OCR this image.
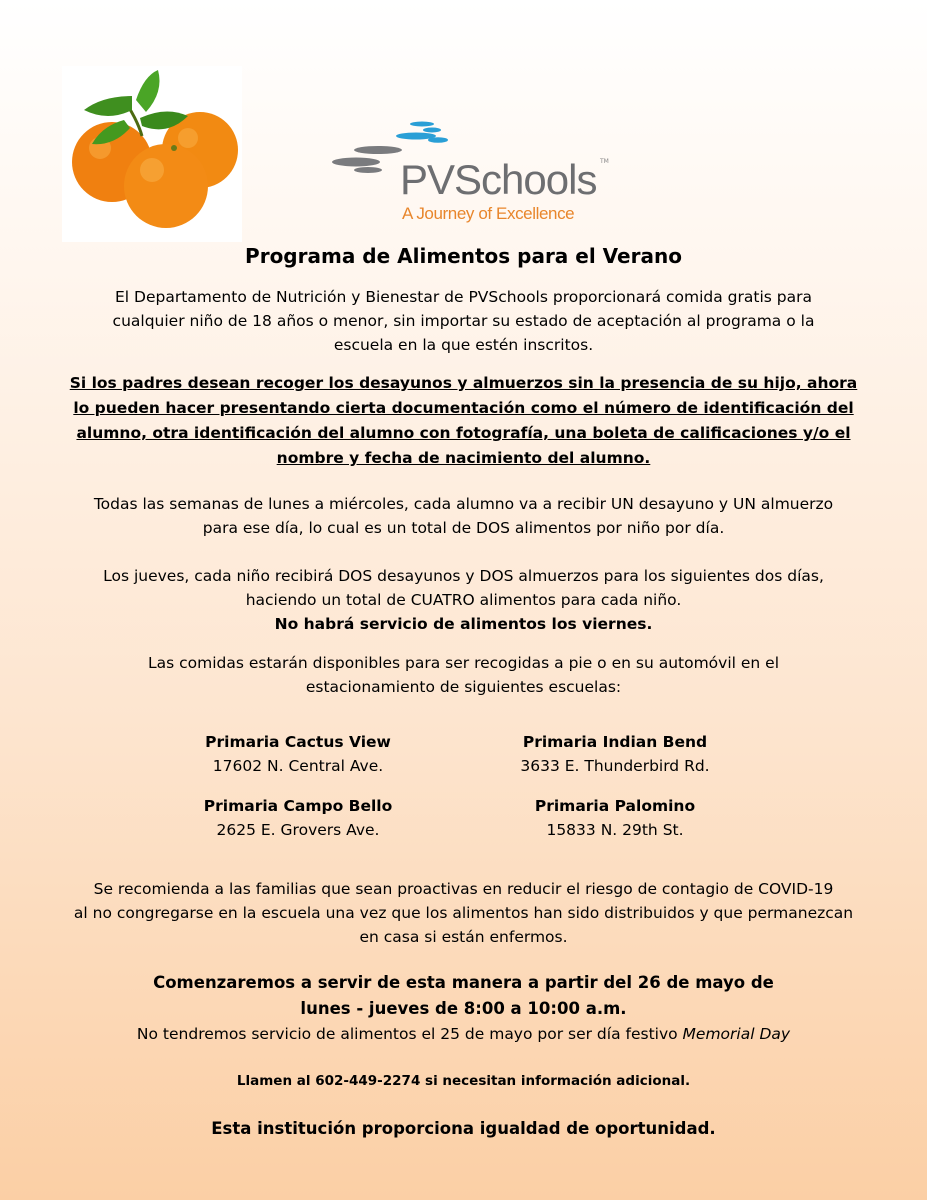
PVSchools TM
A Journey of Excellence
Programa de Alimentos para el Verano
El Departamento de Nutrición y Bienestar de PVSchools proporcionará comida gratis para
cualquier niño de 18 años o menor, sin importar su estado de aceptación al programa o la
escuela en la que estén inscritos.
Si los padres desean recoger los desayunos y almuerzos sin la presencia de su hijo, ahora
lo pueden hacer presentando cierta documentación como el número de identificación del
alumno, otra identificación del alumno con fotografía, una boleta de calificaciones y/o el
nombre y fecha de nacimiento del alumno.
Todas las semanas de lunes a miércoles, cada alumno va a recibir UN desayuno y UN almuerzo
para ese día, lo cual es un total de DOS alimentos por niño por día.
Los jueves, cada niño recibirá DOS desayunos y DOS almuerzos para los siguientes dos días,
haciendo un total de CUATRO alimentos para cada niño.
No habrá servicio de alimentos los viernes.
Las comidas estarán disponibles para ser recogidas a pie o en su automóvil en el
estacionamiento de siguientes escuelas:
Primaria Cactus View
17602 N. Central Ave.
Primaria Indian Bend
3633 E. Thunderbird Rd.
Primaria Campo Bello
2625 E. Grovers Ave.
Primaria Palomino
15833 N. 29th St.
Se recomienda a las familias que sean proactivas en reducir el riesgo de contagio de COVID-19
al no congregarse en la escuela una vez que los alimentos han sido distribuidos y que permanezcan
en casa si están enfermos.
Comenzaremos a servir de esta manera a partir del 26 de mayo de
lunes - jueves de 8:00 a 10:00 a.m.
No tendremos servicio de alimentos el 25 de mayo por ser día festivo Memorial Day
Llamen al 602-449-2274 si necesitan información adicional.
Esta institución proporciona igualdad de oportunidad.
